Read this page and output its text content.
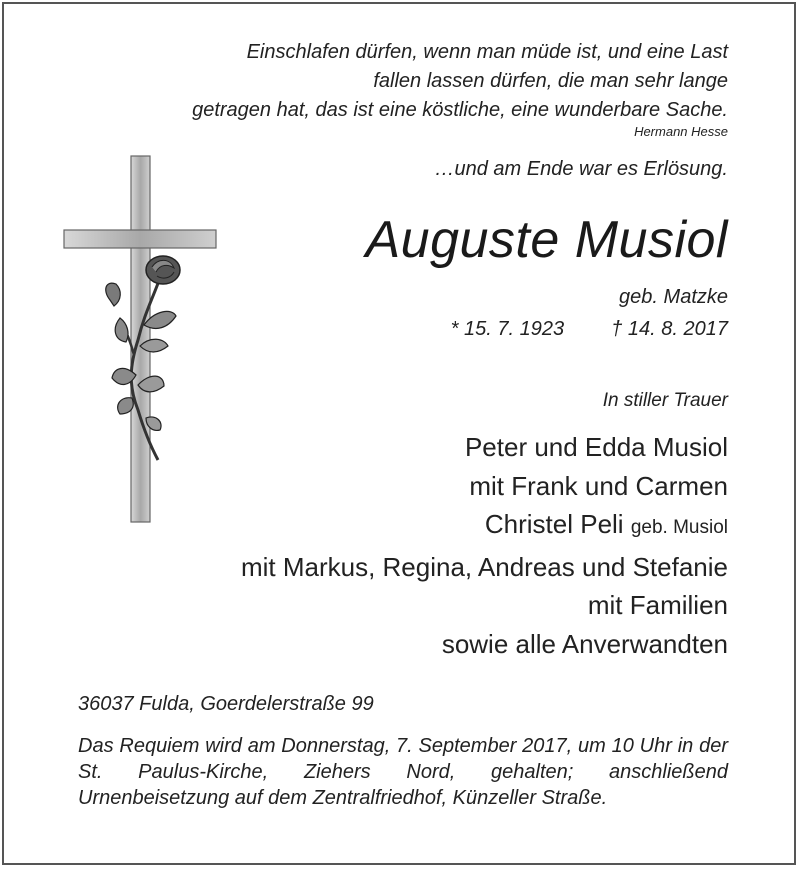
Einschlafen dürfen, wenn man müde ist, und eine Last
fallen lassen dürfen, die man sehr lange
getragen hat, das ist eine köstliche, eine wunderbare Sache.
Hermann Hesse
…und am Ende war es Erlösung.
Auguste Musiol
geb. Matzke
* 15. 7. 1923 † 14. 8. 2017
In stiller Trauer
Peter und Edda Musiol
mit Frank und Carmen
Christel Peli geb. Musiol
mit Markus, Regina, Andreas und Stefanie
mit Familien
sowie alle Anverwandten
36037 Fulda, Goerdelerstraße 99
Das Requiem wird am Donnerstag, 7. September 2017, um 10 Uhr in der St. Paulus-Kirche, Ziehers Nord, gehalten; anschließend Urnenbeisetzung auf dem Zentralfriedhof, Künzeller Straße.
